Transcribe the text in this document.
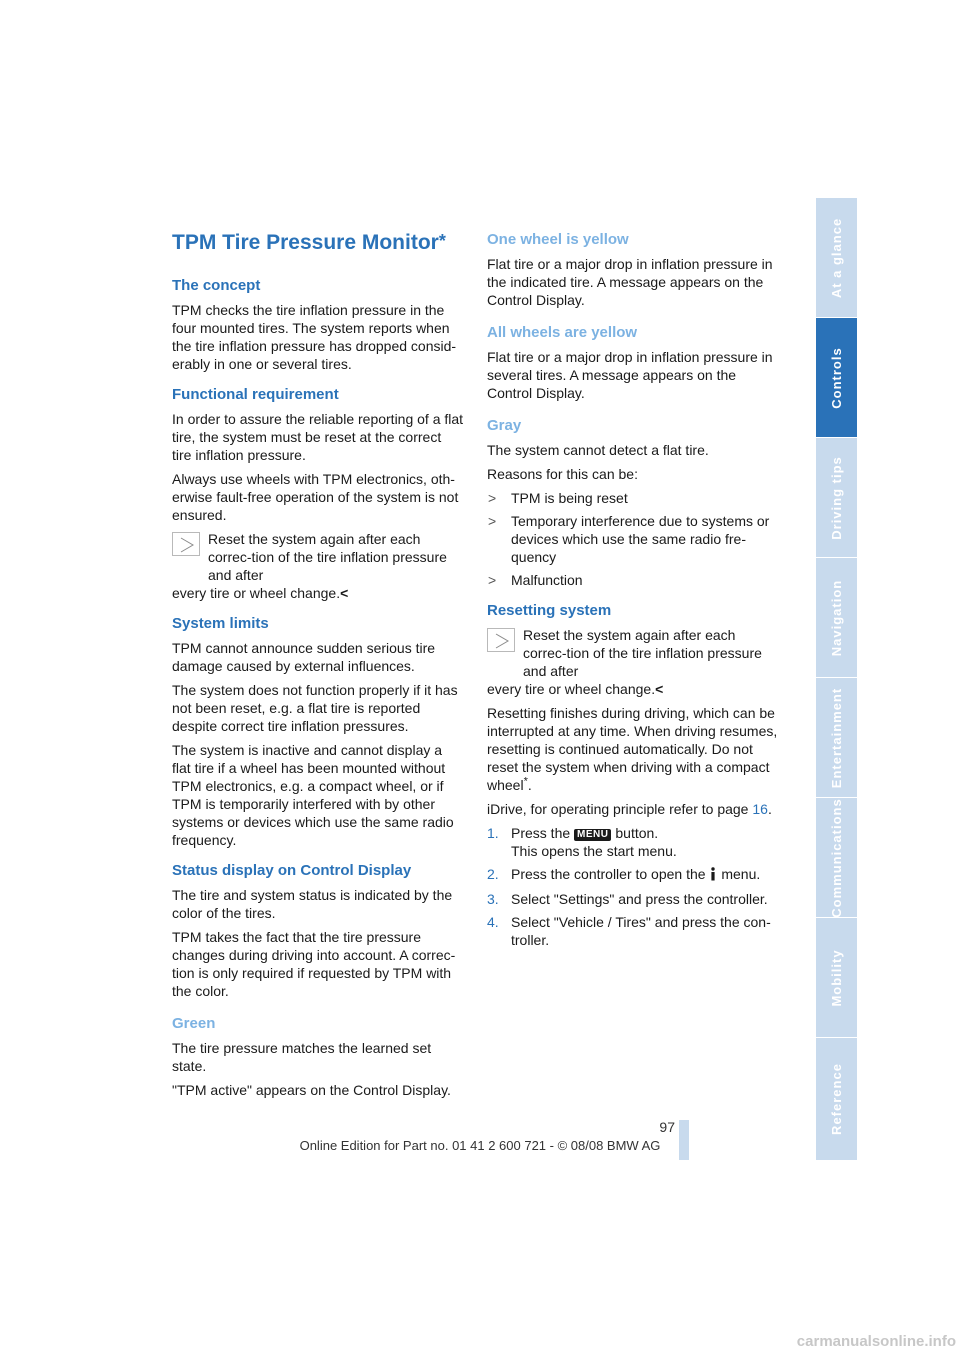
TPM Tire Pressure Monitor*
The concept

TPM checks the tire inflation pressure in the four mounted tires. The system reports when the tire inflation pressure has dropped consid-erably in one or several tires.

Functional requirement

In order to assure the reliable reporting of a flat tire, the system must be reset at the correct tire inflation pressure.

Always use wheels with TPM electronics, oth-erwise fault-free operation of the system is not ensured.

Reset the system again after each correc-tion of the tire inflation pressure and after
every tire or wheel change.<
System limits

TPM cannot announce sudden serious tire damage caused by external influences.

The system does not function properly if it has not been reset, e.g. a flat tire is reported despite correct tire inflation pressures.

The system is inactive and cannot display a flat tire if a wheel has been mounted without TPM electronics, e.g. a compact wheel, or if TPM is temporarily interfered with by other systems or devices which use the same radio frequency.

Status display on Control Display

The tire and system status is indicated by the color of the tires.

TPM takes the fact that the tire pressure changes during driving into account. A correc-tion is only required if requested by TPM with the color.

Green

The tire pressure matches the learned set state.

"TPM active" appears on the Control Display.

One wheel is yellow

Flat tire or a major drop in inflation pressure in the indicated tire. A message appears on the Control Display.

All wheels are yellow

Flat tire or a major drop in inflation pressure in several tires. A message appears on the Control Display.

Gray

The system cannot detect a flat tire.

Reasons for this can be:

> TPM is being reset
> Temporary interference due to systems or devices which use the same radio fre-quency
> Malfunction
Resetting system
Reset the system again after each correc-tion of the tire inflation pressure and after
every tire or wheel change.<

Resetting finishes during driving, which can be interrupted at any time. When driving resumes, resetting is continued automatically. Do not reset the system when driving with a compact wheel*.

iDrive, for operating principle refer to page 16.

1. Press the MENU button.
This opens the start menu.
2. Press the controller to open the menu.
3. Select "Settings" and press the controller.
4. Select "Vehicle / Tires" and press the con-troller.
At a glance
Controls
Driving tips
Navigation
Entertainment
Communications
Mobility
Reference
97
Online Edition for Part no. 01 41 2 600 721 - © 08/08 BMW AG
carmanualsonline.info
